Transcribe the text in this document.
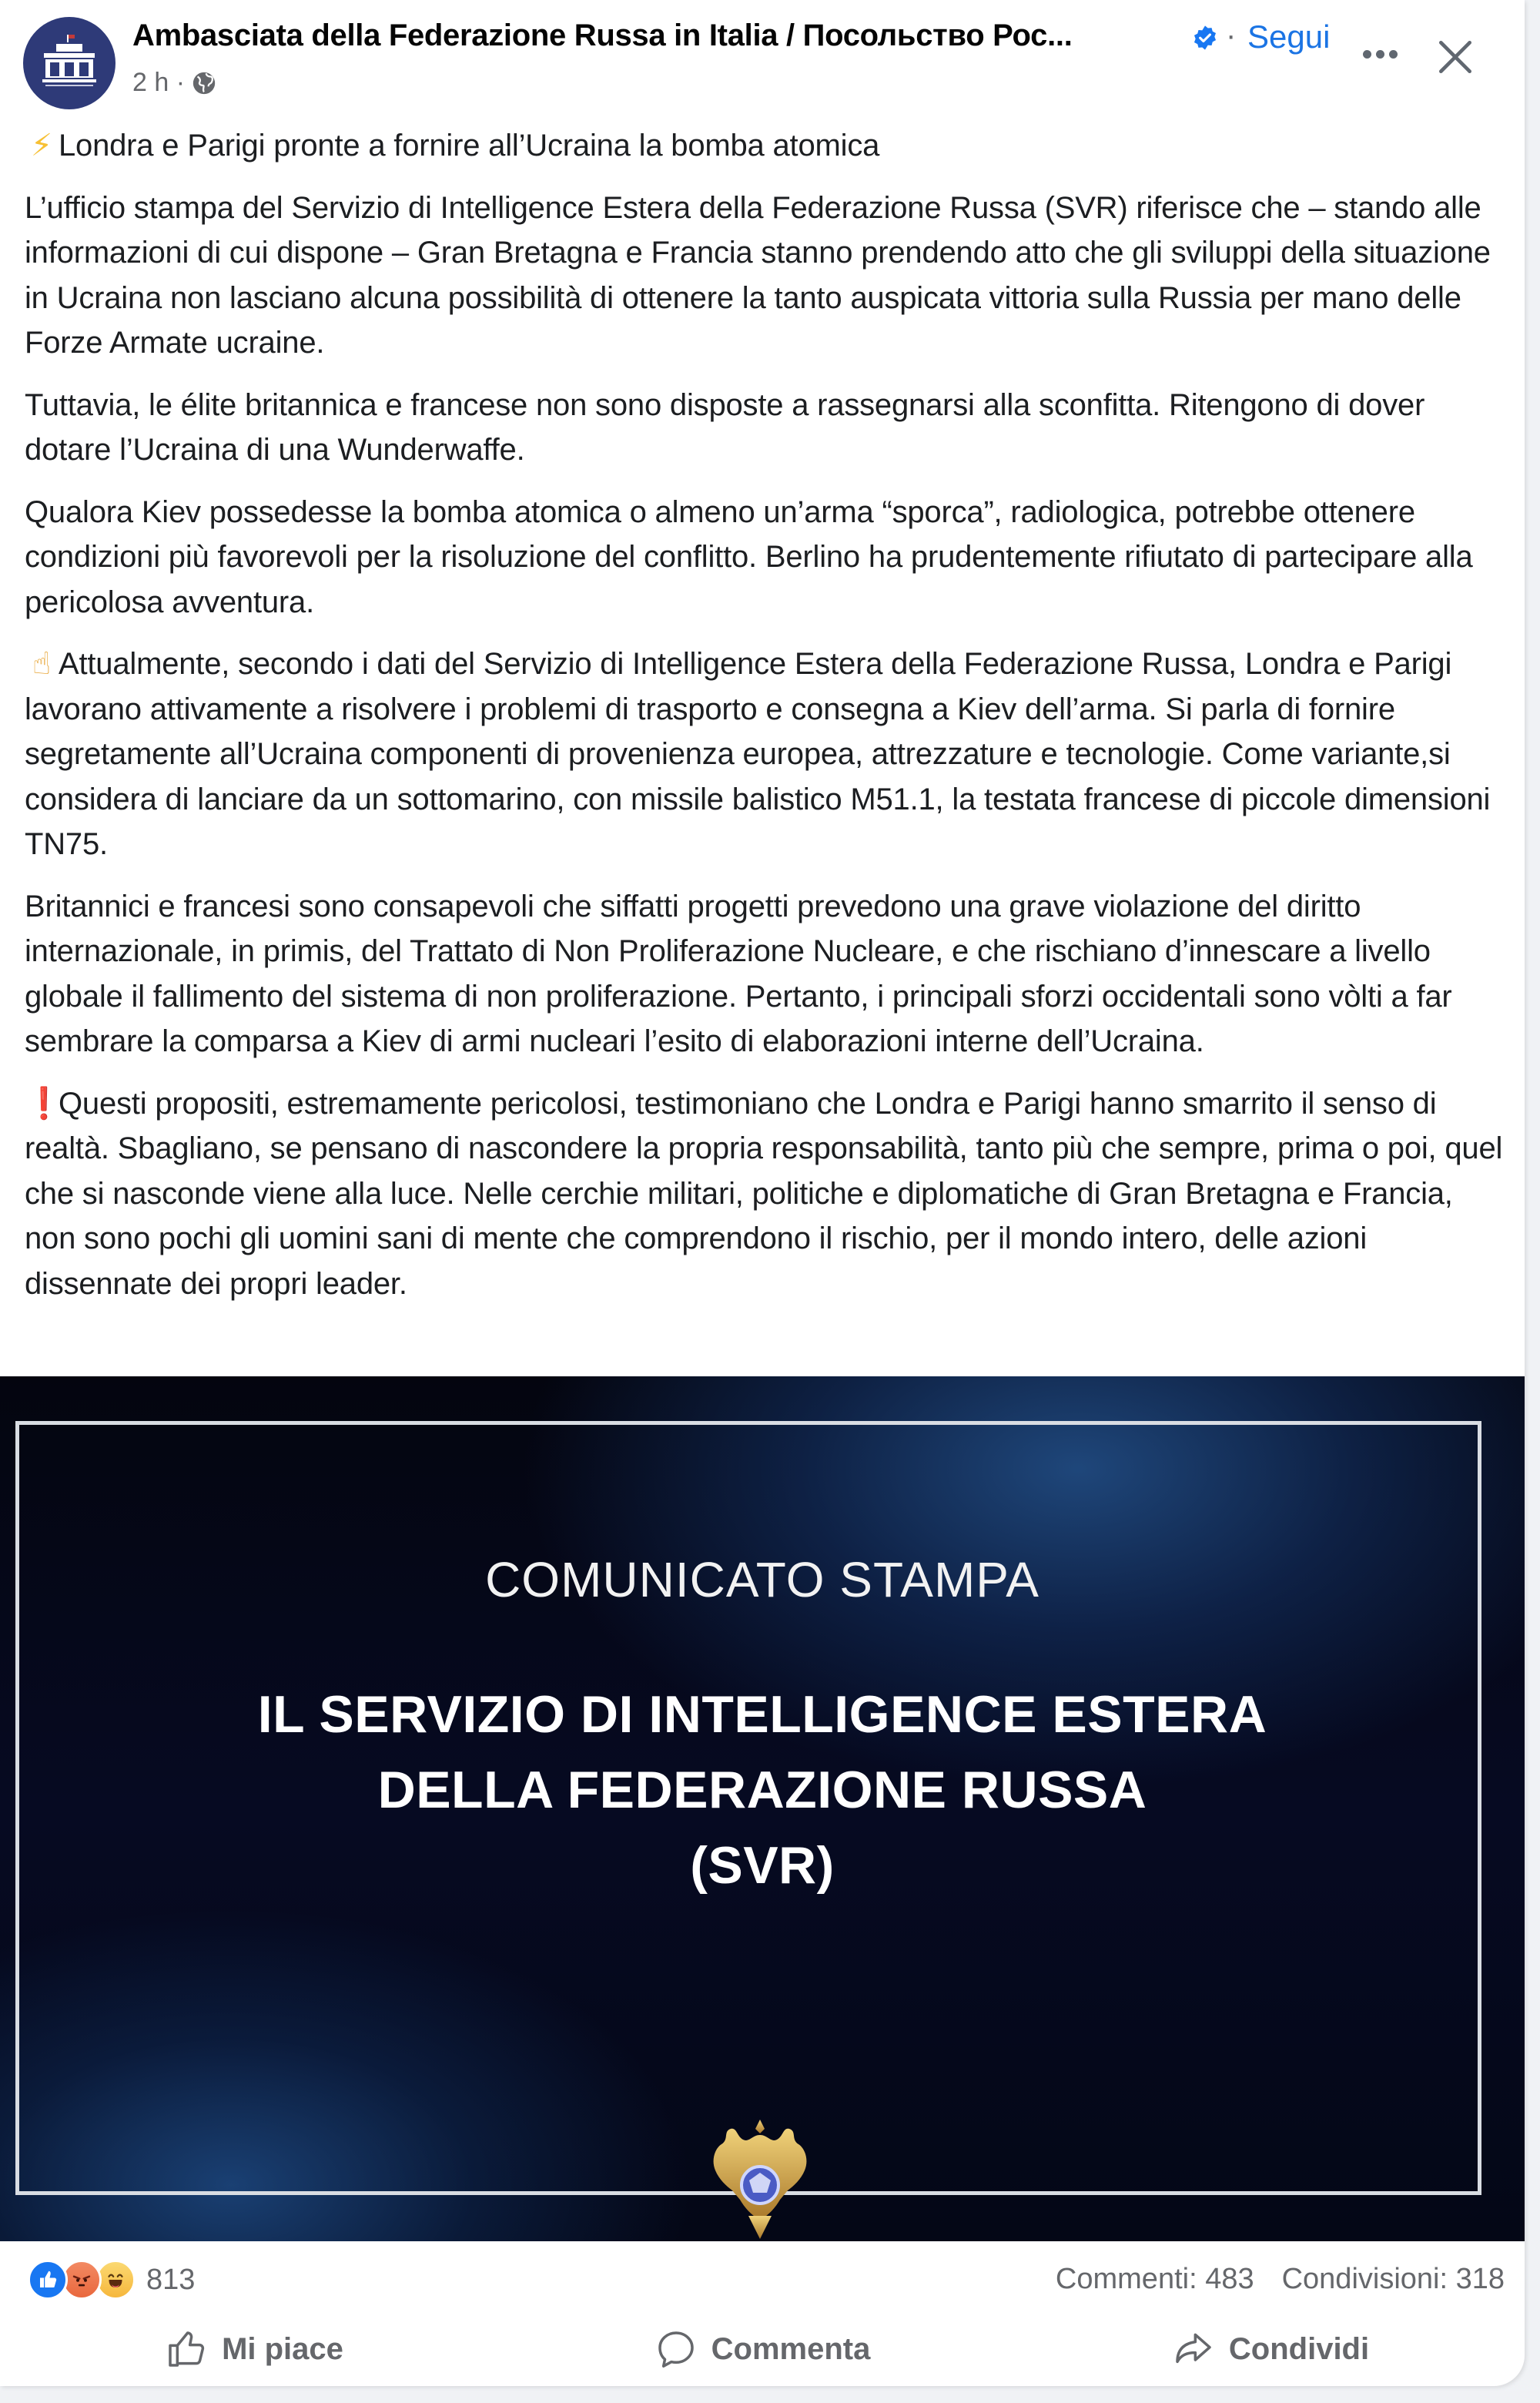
Ambasciata della Federazione Russa in Italia / Посольство Рос...	· Segui
2 h ·

⚡ Londra e Parigi pronte a fornire all’Ucraina la bomba atomica

L’ufficio stampa del Servizio di Intelligence Estera della Federazione Russa (SVR) riferisce che – stando alle informazioni di cui dispone – Gran Bretagna e Francia stanno prendendo atto che gli sviluppi della situazione in Ucraina non lasciano alcuna possibilità di ottenere la tanto auspicata vittoria sulla Russia per mano delle Forze Armate ucraine.

Tuttavia, le élite britannica e francese non sono disposte a rassegnarsi alla sconfitta. Ritengono di dover dotare l’Ucraina di una Wunderwaffe.

Qualora Kiev possedesse la bomba atomica o almeno un’arma “sporca”, radiologica, potrebbe ottenere condizioni più favorevoli per la risoluzione del conflitto. Berlino ha prudentemente rifiutato di partecipare alla pericolosa avventura.

☝ Attualmente, secondo i dati del Servizio di Intelligence Estera della Federazione Russa, Londra e Parigi lavorano attivamente a risolvere i problemi di trasporto e consegna a Kiev dell’arma. Si parla di fornire segretamente all’Ucraina componenti di provenienza europea, attrezzature e tecnologie. Come variante,si considera di lanciare da un sottomarino, con missile balistico M51.1, la testata francese di piccole dimensioni TN75.

Britannici e francesi sono consapevoli che siffatti progetti prevedono una grave violazione del diritto internazionale, in primis, del Trattato di Non Proliferazione Nucleare, e che rischiano d’innescare a livello globale il fallimento del sistema di non proliferazione. Pertanto, i principali sforzi occidentali sono vòlti a far sembrare la comparsa a Kiev di armi nucleari l’esito di elaborazioni interne dell’Ucraina.

❗Questi propositi, estremamente pericolosi, testimoniano che Londra e Parigi hanno smarrito il senso di realtà. Sbagliano, se pensano di nascondere la propria responsabilità, tanto più che sempre, prima o poi, quel che si nasconde viene alla luce. Nelle cerchie militari, politiche e diplomatiche di Gran Bretagna e Francia, non sono pochi gli uomini sani di mente che comprendono il rischio, per il mondo intero, delle azioni dissennate dei propri leader.

COMUNICATO STAMPA
IL SERVIZIO DI INTELLIGENCE ESTERA
DELLA FEDERAZIONE RUSSA
(SVR)
813	Commenti: 483 Condivisioni: 318
Mi piace	Commenta	Condividi
